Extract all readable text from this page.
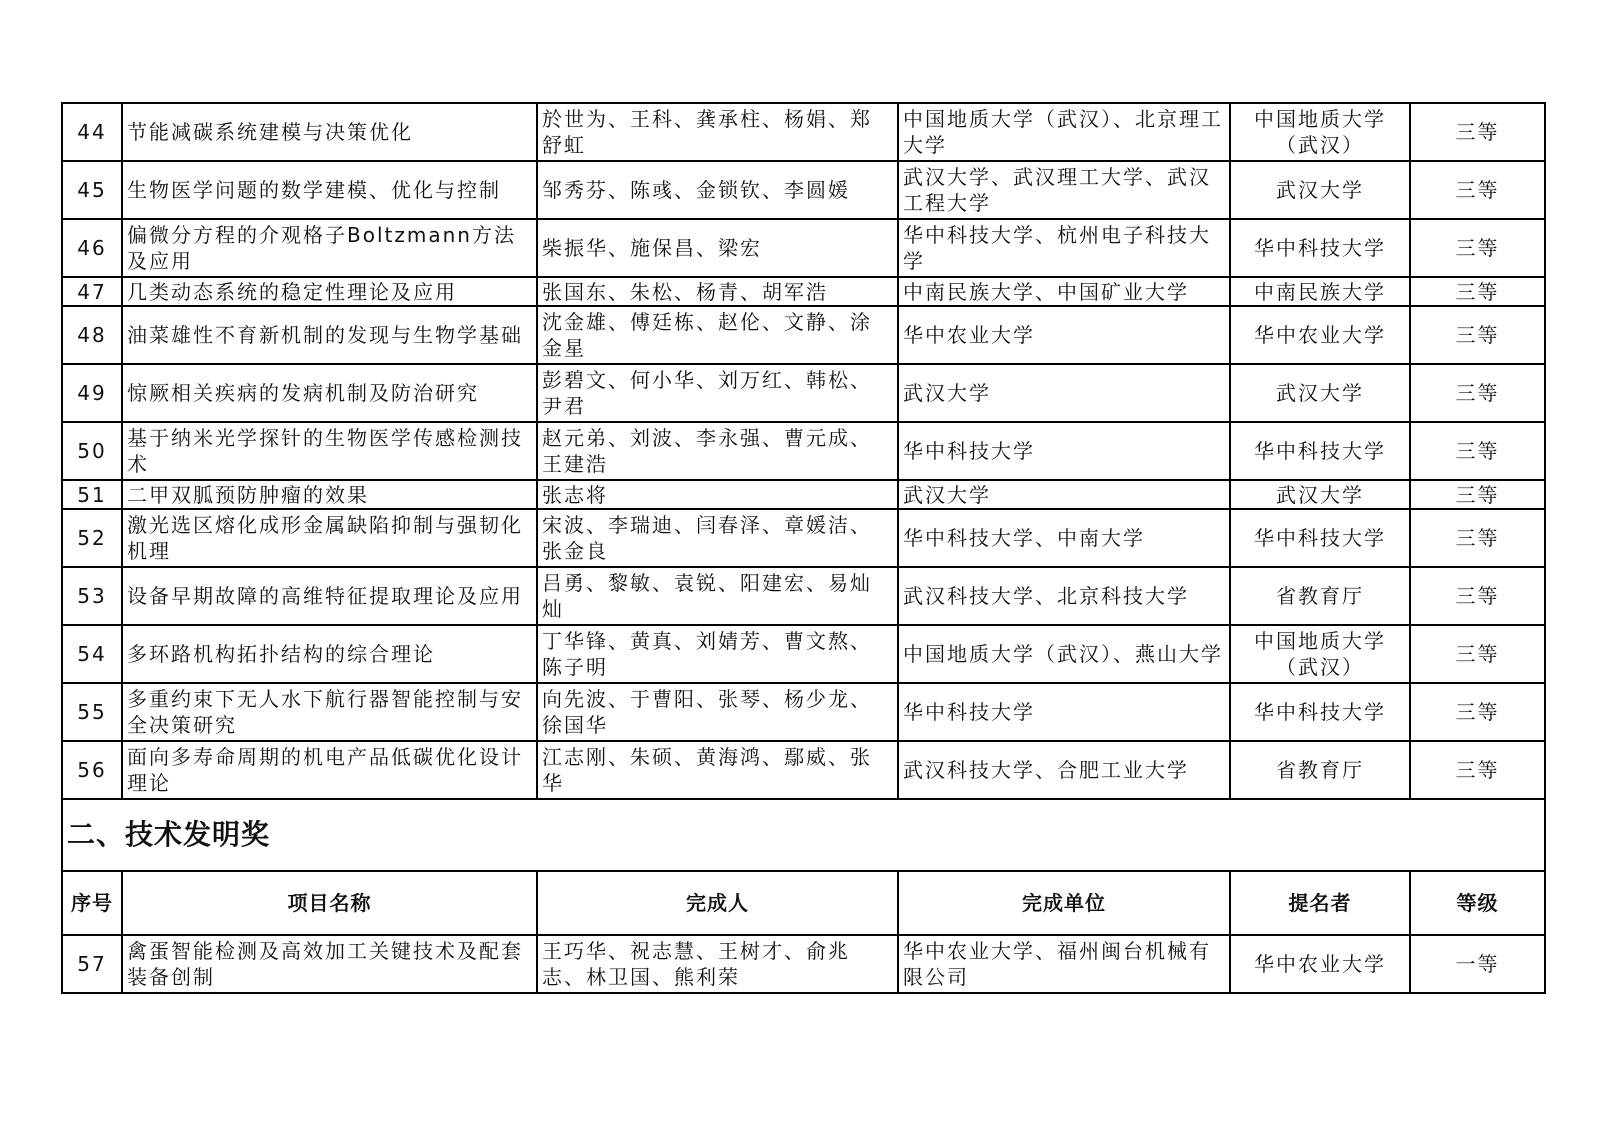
44	节能减碳系统建模与决策优化	於世为、王科、龚承柱、杨娟、郑舒虹	中国地质大学（武汉）、北京理工大学	中国地质大学（武汉）	三等
45	生物医学问题的数学建模、优化与控制	邹秀芬、陈彧、金锁钦、李圆媛	武汉大学、武汉理工大学、武汉工程大学	武汉大学	三等
46	偏微分方程的介观格子Boltzmann方法及应用	柴振华、施保昌、梁宏	华中科技大学、杭州电子科技大学	华中科技大学	三等
47	几类动态系统的稳定性理论及应用	张国东、朱松、杨青、胡军浩	中南民族大学、中国矿业大学	中南民族大学	三等
48	油菜雄性不育新机制的发现与生物学基础	沈金雄、傅廷栋、赵伦、文静、涂金星	华中农业大学	华中农业大学	三等
49	惊厥相关疾病的发病机制及防治研究	彭碧文、何小华、刘万红、韩松、尹君	武汉大学	武汉大学	三等
50	基于纳米光学探针的生物医学传感检测技术	赵元弟、刘波、李永强、曹元成、王建浩	华中科技大学	华中科技大学	三等
51	二甲双胍预防肿瘤的效果	张志将	武汉大学	武汉大学	三等
52	激光选区熔化成形金属缺陷抑制与强韧化机理	宋波、李瑞迪、闫春泽、章媛洁、张金良	华中科技大学、中南大学	华中科技大学	三等
53	设备早期故障的高维特征提取理论及应用	吕勇、黎敏、袁锐、阳建宏、易灿灿	武汉科技大学、北京科技大学	省教育厅	三等
54	多环路机构拓扑结构的综合理论	丁华锋、黄真、刘婧芳、曹文熬、陈子明	中国地质大学（武汉）、燕山大学	中国地质大学（武汉）	三等
55	多重约束下无人水下航行器智能控制与安全决策研究	向先波、于曹阳、张琴、杨少龙、徐国华	华中科技大学	华中科技大学	三等
56	面向多寿命周期的机电产品低碳优化设计理论	江志刚、朱硕、黄海鸿、鄢威、张华	武汉科技大学、合肥工业大学	省教育厅	三等
二、技术发明奖					
序号	项目名称	完成人	完成单位	提名者	等级
57	禽蛋智能检测及高效加工关键技术及配套装备创制	王巧华、祝志慧、王树才、俞兆志、林卫国、熊利荣	华中农业大学、福州闽台机械有限公司	华中农业大学	一等
